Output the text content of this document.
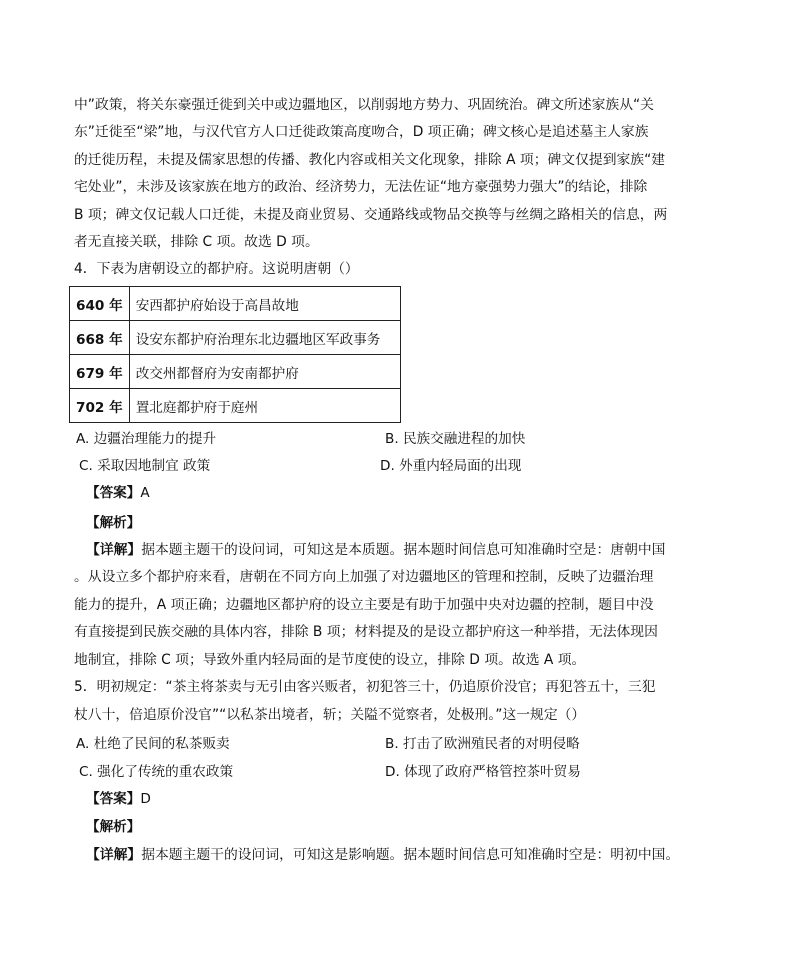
中”政策，将关东豪强迁徙到关中或边疆地区，以削弱地方势力、巩固统治。碑文所述家族从“关
东”迁徙至“梁”地，与汉代官方人口迁徙政策高度吻合，D 项正确；碑文核心是追述墓主人家族
的迁徙历程，未提及儒家思想的传播、教化内容或相关文化现象，排除 A 项；碑文仅提到家族“建
宅处业”，未涉及该家族在地方的政治、经济势力，无法佐证“地方豪强势力强大”的结论，排除
B 项；碑文仅记载人口迁徙，未提及商业贸易、交通路线或物品交换等与丝绸之路相关的信息，两
者无直接关联，排除 C 项。故选 D 项。
4．下表为唐朝设立的都护府。这说明唐朝（）
640 年	安西都护府始设于高昌故地
668 年	设安东都护府治理东北边疆地区军政事务
679 年	改交州都督府为安南都护府
702 年	置北庭都护府于庭州
A. 边疆治理能力的提升	B. 民族交融进程的加快
C. 采取因地制宜 政策	D. 外重内轻局面的出现
【答案】A
【解析】
【详解】据本题主题干的设问词，可知这是本质题。据本题时间信息可知准确时空是：唐朝中国
。从设立多个都护府来看，唐朝在不同方向上加强了对边疆地区的管理和控制，反映了边疆治理
能力的提升，A 项正确；边疆地区都护府的设立主要是有助于加强中央对边疆的控制，题目中没
有直接提到民族交融的具体内容，排除 B 项；材料提及的是设立都护府这一种举措，无法体现因
地制宜，排除 C 项；导致外重内轻局面的是节度使的设立，排除 D 项。故选 A 项。
5．明初规定：“茶主将茶卖与无引由客兴贩者，初犯答三十，仍追原价没官；再犯答五十，三犯
杖八十，倍追原价没官”“以私茶出境者，斩；关隘不觉察者，处极刑。”这一规定（）
A. 杜绝了民间的私茶贩卖	B. 打击了欧洲殖民者的对明侵略
C. 强化了传统的重农政策	D. 体现了政府严格管控茶叶贸易
【答案】D
【解析】
【详解】据本题主题干的设问词，可知这是影响题。据本题时间信息可知准确时空是：明初中国。
